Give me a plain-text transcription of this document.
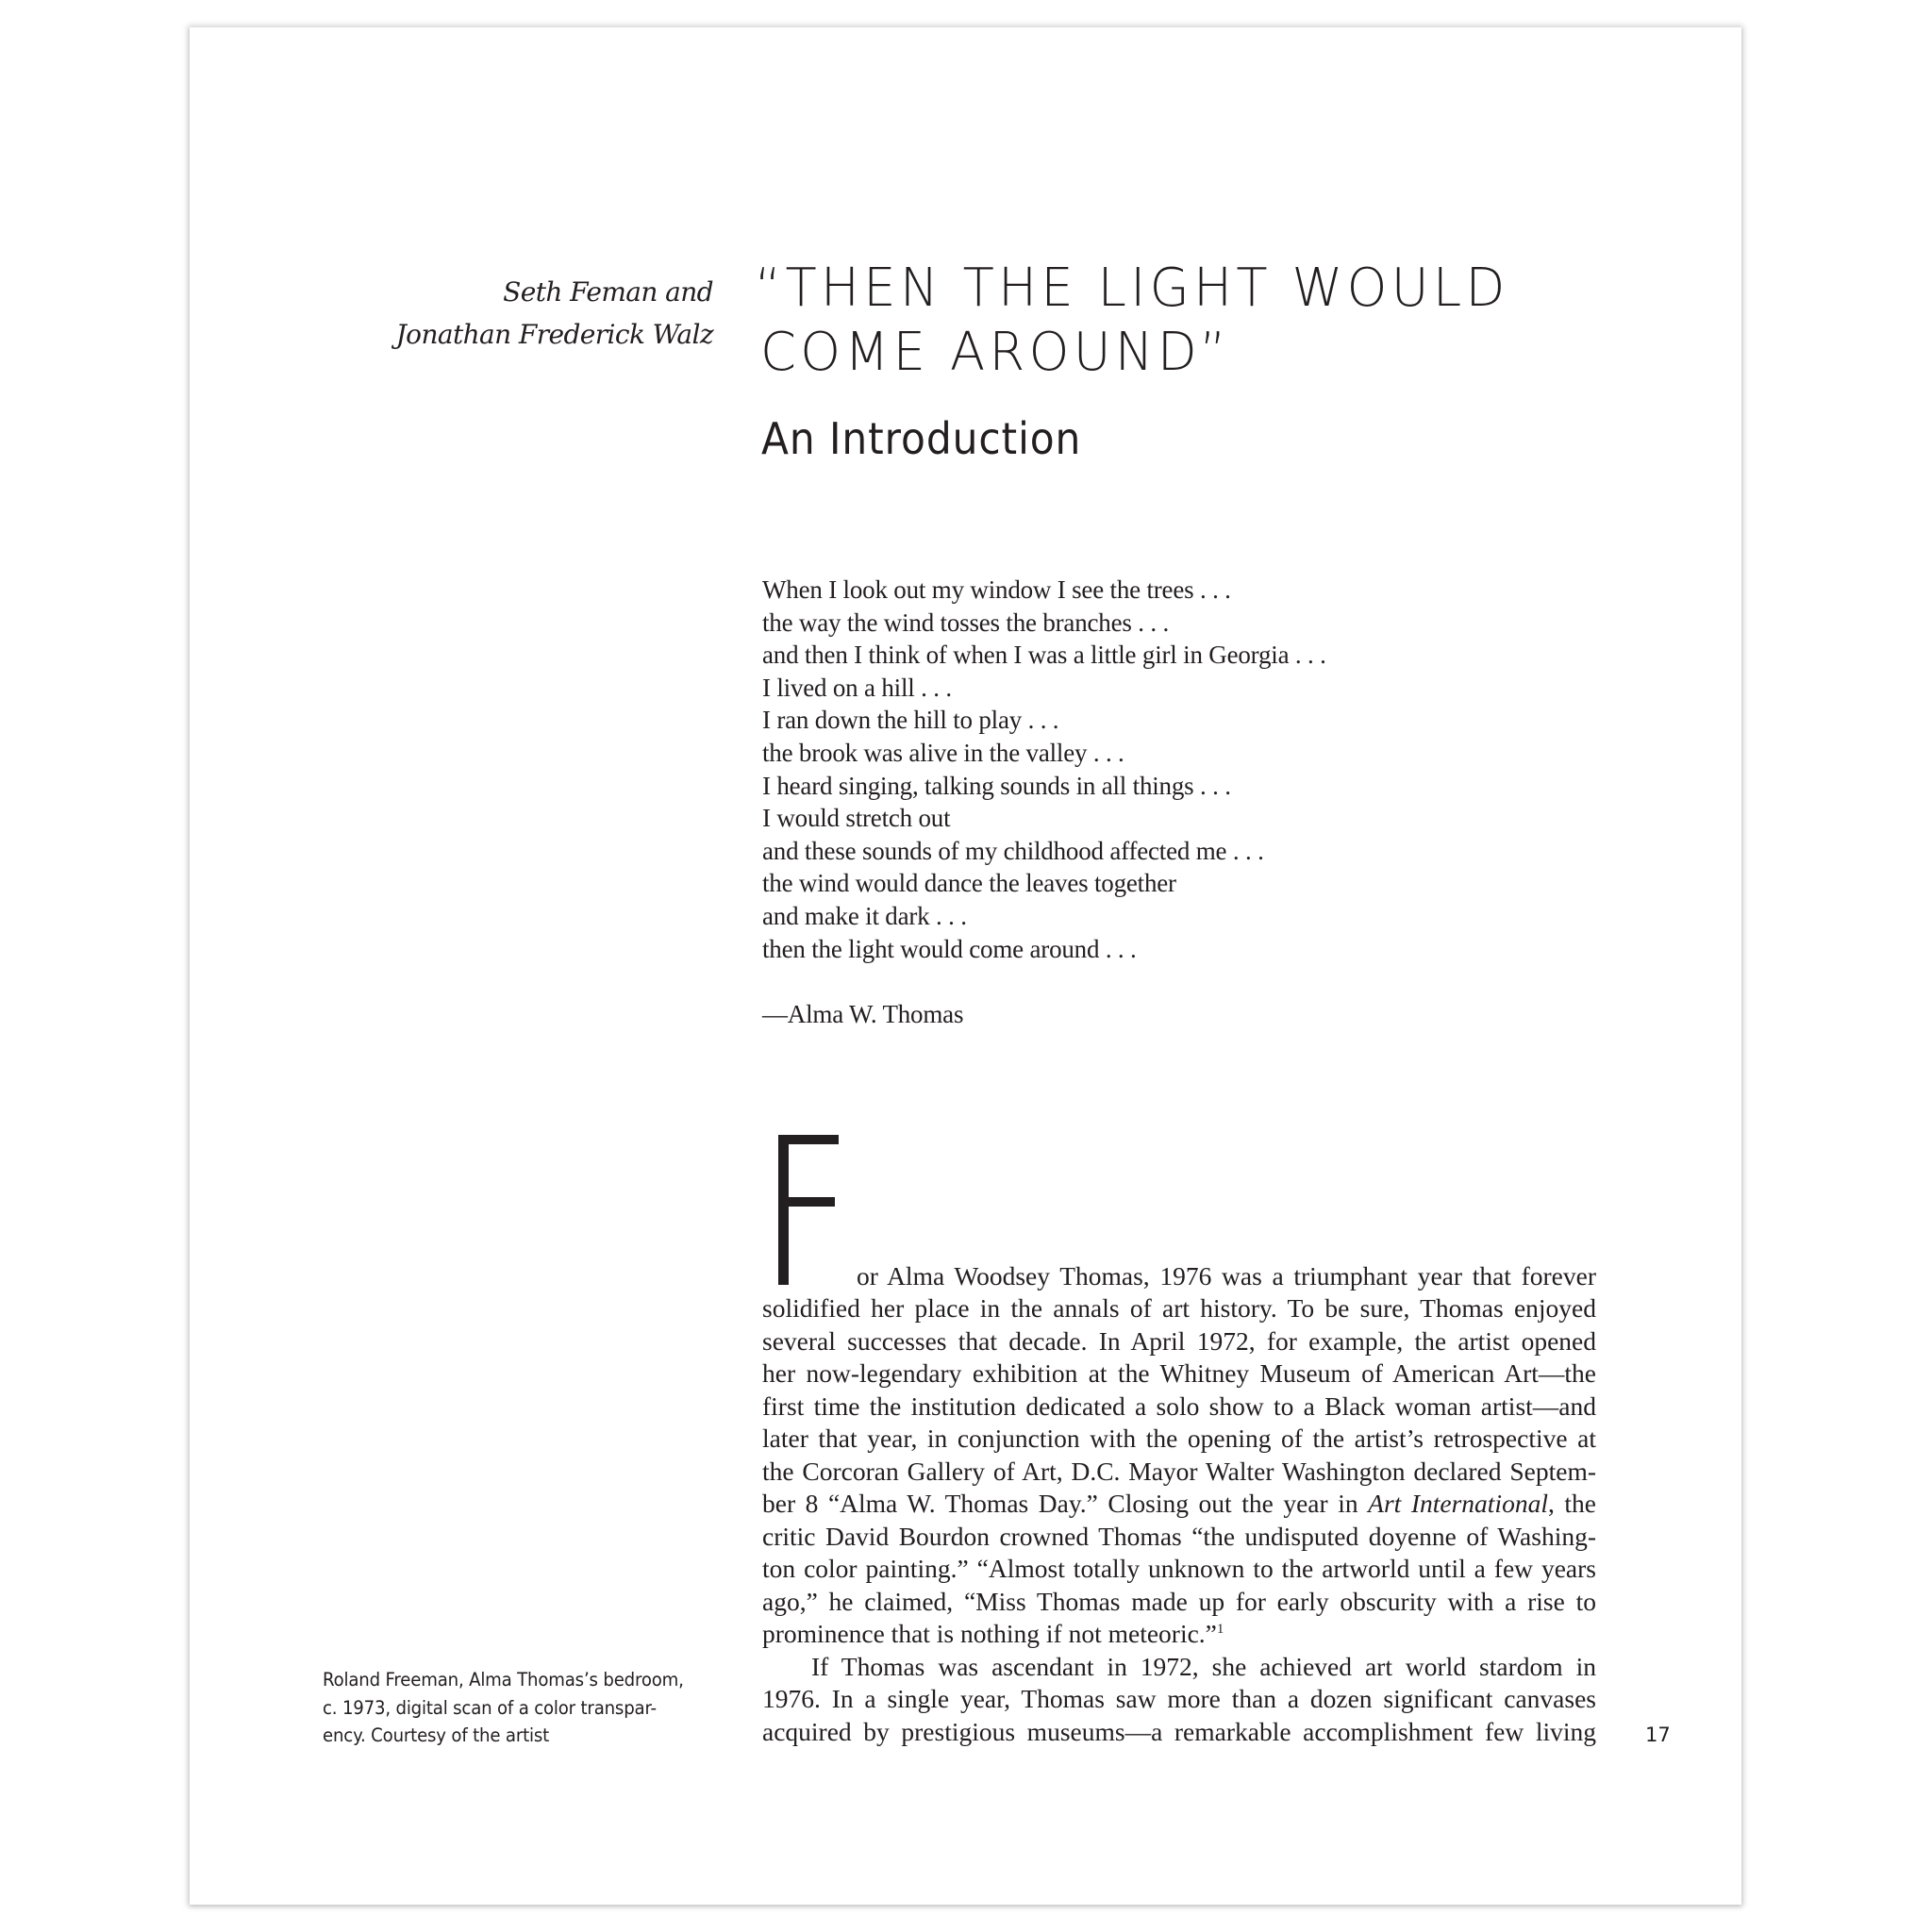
Seth Feman and
Jonathan Frederick Walz
“THEN THE LIGHT WOULD
COME AROUND”
An Introduction
When I look out my window I see the trees . . .
the way the wind tosses the branches . . .
and then I think of when I was a little girl in Georgia . . .
I lived on a hill . . .
I ran down the hill to play . . .
the brook was alive in the valley . . .
I heard singing, talking sounds in all things . . .
I would stretch out
and these sounds of my childhood affected me . . .
the wind would dance the leaves together
and make it dark . . .
then the light would come around . . .
—Alma W. Thomas
or Alma Woodsey Thomas, 1976 was a triumphant year that forever
solidified her place in the annals of art history. To be sure, Thomas enjoyed
several successes that decade. In April 1972, for example, the artist opened
her now-legendary exhibition at the Whitney Museum of American Art—the
first time the institution dedicated a solo show to a Black woman artist—and
later that year, in conjunction with the opening of the artist’s retrospective at
the Corcoran Gallery of Art, D.C. Mayor Walter Washington declared Septem-
ber 8 “Alma W. Thomas Day.” Closing out the year in Art International, the
critic David Bourdon crowned Thomas “the undisputed doyenne of Washing-
ton color painting.” “Almost totally unknown to the artworld until a few years
ago,” he claimed, “Miss Thomas made up for early obscurity with a rise to
prominence that is nothing if not meteoric.”$^1$
If Thomas was ascendant in 1972, she achieved art world stardom in
1976. In a single year, Thomas saw more than a dozen significant canvases
acquired by prestigious museums—a remarkable accomplishment few living
Roland Freeman, Alma Thomas’s bedroom,
c. 1973, digital scan of a color transpar-
ency. Courtesy of the artist	17
